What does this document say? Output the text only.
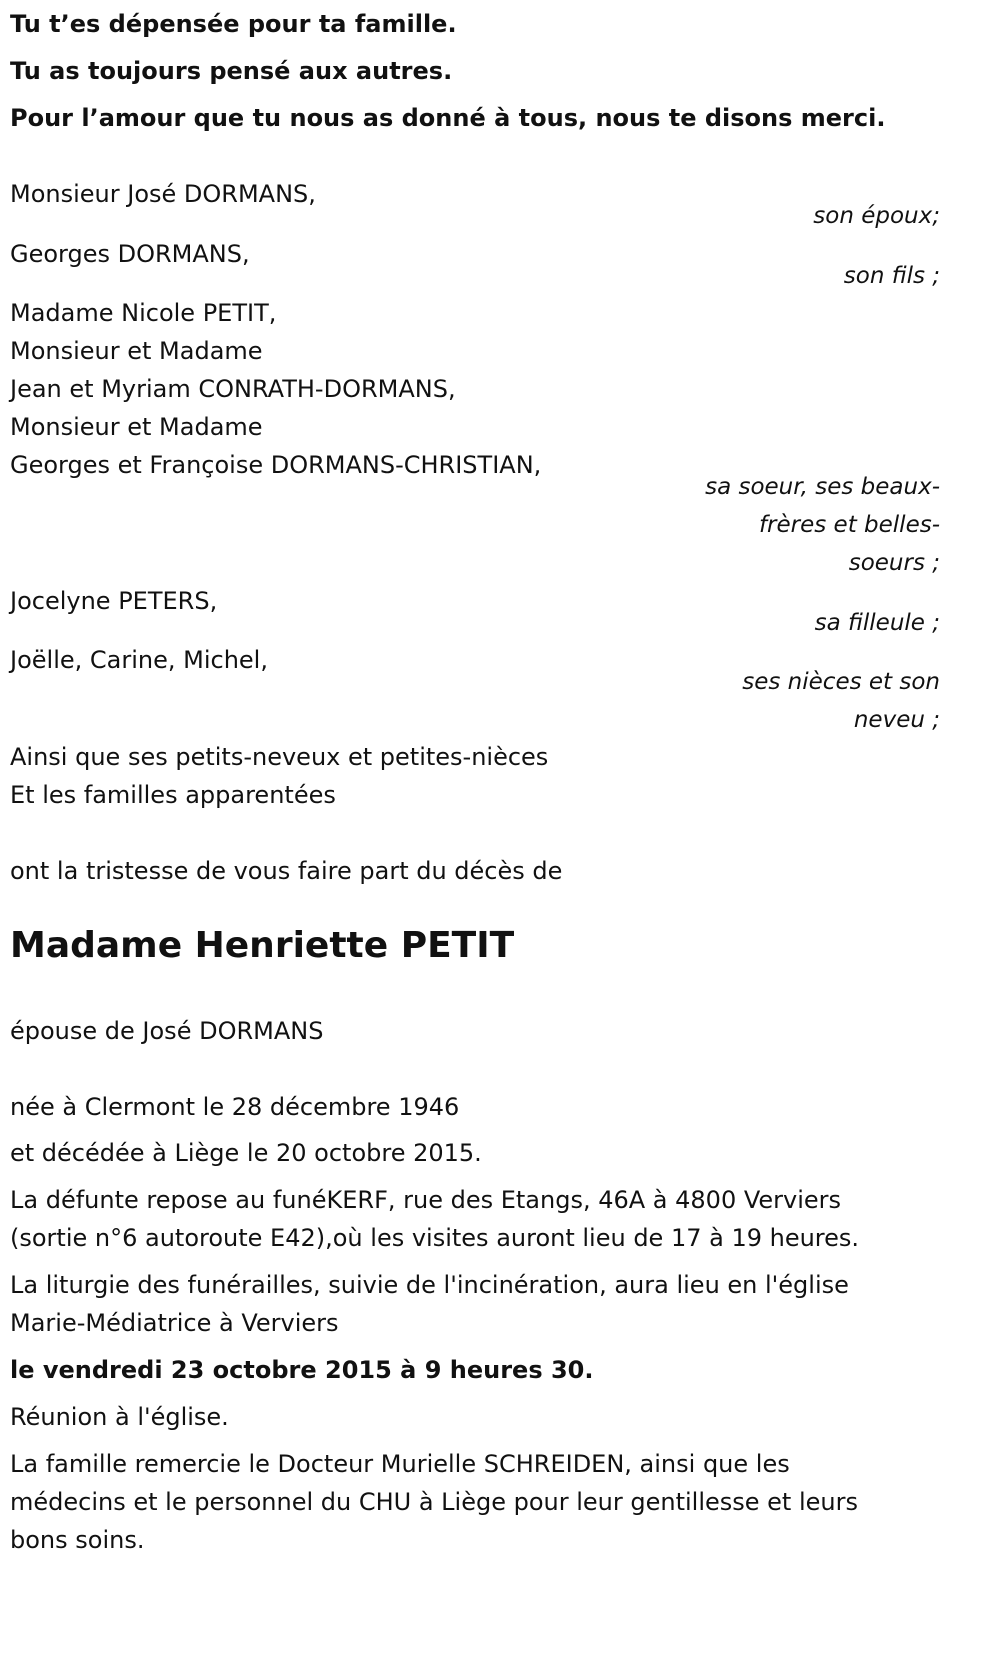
Tu t’es dépensée pour ta famille.
Tu as toujours pensé aux autres.
Pour l’amour que tu nous as donné à tous, nous te disons merci.
Monsieur José DORMANS,
son époux;
Georges DORMANS,
son fils ;
Madame Nicole PETIT,
Monsieur et Madame
Jean et Myriam CONRATH-DORMANS,
Monsieur et Madame
Georges et Françoise DORMANS-CHRISTIAN,
sa soeur, ses beaux-
frères et belles-
soeurs ;
Jocelyne PETERS,
sa filleule ;
Joëlle, Carine, Michel,
ses nièces et son
neveu ;
Ainsi que ses petits-neveux et petites-nièces
Et les familles apparentées
ont la tristesse de vous faire part du décès de
Madame Henriette PETIT
épouse de José DORMANS
née à Clermont le 28 décembre 1946
et décédée à Liège le 20 octobre 2015.
La défunte repose au funéKERF, rue des Etangs, 46A à 4800 Verviers
(sortie n°6 autoroute E42),où les visites auront lieu de 17 à 19 heures.
La liturgie des funérailles, suivie de l'incinération, aura lieu en l'église
Marie-Médiatrice à Verviers
le vendredi 23 octobre 2015 à 9 heures 30.
Réunion à l'église.
La famille remercie le Docteur Murielle SCHREIDEN, ainsi que les
médecins et le personnel du CHU à Liège pour leur gentillesse et leurs
bons soins.
